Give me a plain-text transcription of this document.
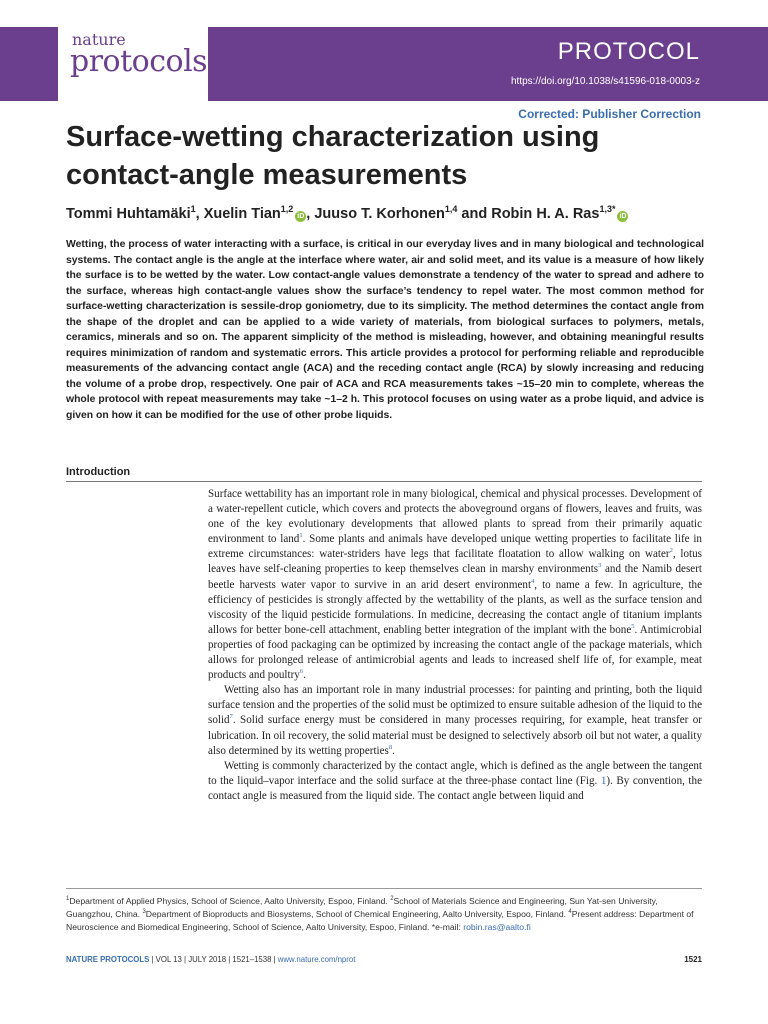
nature
protocols	PROTOCOL
https://doi.org/10.1038/s41596-018-0003-z
Corrected: Publisher Correction
Surface-wetting characterization using contact-angle measurements
Tommi Huhtamäki$^1$, Xuelin Tian$^{1,2}$iD , Juuso T. Korhonen$^{1,4}$ and Robin H. A. Ras$^{1,3*}$iD

Wetting, the process of water interacting with a surface, is critical in our everyday lives and in many biological and technological systems. The contact angle is the angle at the interface where water, air and solid meet, and its value is a measure of how likely the surface is to be wetted by the water. Low contact-angle values demonstrate a tendency of the water to spread and adhere to the surface, whereas high contact-angle values show the surface’s tendency to repel water. The most common method for surface-wetting characterization is sessile-drop goniometry, due to its simplicity. The method determines the contact angle from the shape of the droplet and can be applied to a wide variety of materials, from biological surfaces to polymers, metals, ceramics, minerals and so on. The apparent simplicity of the method is misleading, however, and obtaining meaningful results requires minimization of random and systematic errors. This article provides a protocol for performing reliable and reproducible measurements of the advancing contact angle (ACA) and the receding contact angle (RCA) by slowly increasing and reducing the volume of a probe drop, respectively. One pair of ACA and RCA measurements takes ~15–20 min to complete, whereas the whole protocol with repeat measurements may take ~1–2 h. This protocol focuses on using water as a probe liquid, and advice is given on how it can be modified for the use of other probe liquids.

Introduction

Surface wettability has an important role in many biological, chemical and physical processes. Development of a water-repellent cuticle, which covers and protects the aboveground organs of flowers, leaves and fruits, was one of the key evolutionary developments that allowed plants to spread from their primarily aquatic environment to land$^1$. Some plants and animals have developed unique wetting properties to facilitate life in extreme circumstances: water-striders have legs that facilitate floatation to allow walking on water$^2$, lotus leaves have self-cleaning properties to keep themselves clean in marshy environments$^3$ and the Namib desert beetle harvests water vapor to survive in an arid desert environment$^4$, to name a few. In agriculture, the efficiency of pesticides is strongly affected by the wettability of the plants, as well as the surface tension and viscosity of the liquid pesticide formulations. In medicine, decreasing the contact angle of titanium implants allows for better bone-cell attachment, enabling better integration of the implant with the bone$^5$. Antimicrobial properties of food packaging can be optimized by increasing the contact angle of the package materials, which allows for prolonged release of antimicrobial agents and leads to increased shelf life of, for example, meat products and poultry$^6$.

Wetting also has an important role in many industrial processes: for painting and printing, both the liquid surface tension and the properties of the solid must be optimized to ensure suitable adhesion of the liquid to the solid$^7$. Solid surface energy must be considered in many processes requiring, for example, heat transfer or lubrication. In oil recovery, the solid material must be designed to selectively absorb oil but not water, a quality also determined by its wetting properties$^8$.

Wetting is commonly characterized by the contact angle, which is defined as the angle between the tangent to the liquid–vapor interface and the solid surface at the three-phase contact line (Fig. 1). By convention, the contact angle is measured from the liquid side. The contact angle between liquid and

$^1$Department of Applied Physics, School of Science, Aalto University, Espoo, Finland. $^2$School of Materials Science and Engineering, Sun Yat-sen University, Guangzhou, China. $^3$Department of Bioproducts and Biosystems, School of Chemical Engineering, Aalto University, Espoo, Finland. $^4$Present address: Department of Neuroscience and Biomedical Engineering, School of Science, Aalto University, Espoo, Finland. *e-mail: robin.ras@aalto.fi
NATURE PROTOCOLS | VOL 13 | JULY 2018 | 1521–1538 | www.nature.com/nprot	1521
